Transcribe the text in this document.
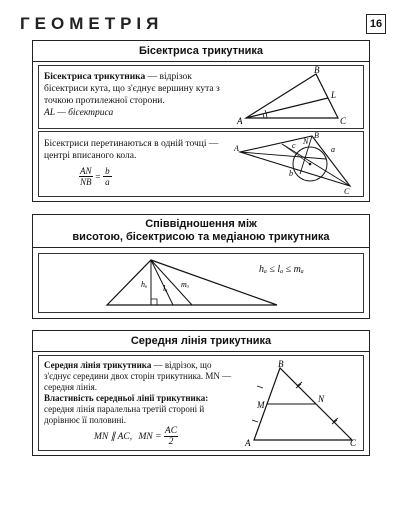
ГЕОМЕТРІЯ	16
Бісектриса трикутника
Бісектриса трикутника — відрізок бісектриси кута, що з'єднує вершину кута з точкою протилежної сторони.
AL — бісектриса
A
B
C
L
Бісектриси перетинаються в одній точці — центрі вписаного кола.
$\frac{AN}{NB} = \frac{b}{a}$
A
B
C
N
a
b
c
Співвідношення між
висотою, бісектрисою та медіаною трикутника
hₐ lₐ mₐ
hₐ ≤ lₐ ≤ mₐ
Середня лінія трикутника
Середня лінія трикутника — відрізок, що з'єднує середини двох сторін трикутника. MN — середня лінія.
Властивість середньої лінії трикутника: середня лінія паралельна третій стороні й дорівнює її половині.
MN ∥ AC, MN = $\frac{AC}{2}$	A
B
C
M
N
